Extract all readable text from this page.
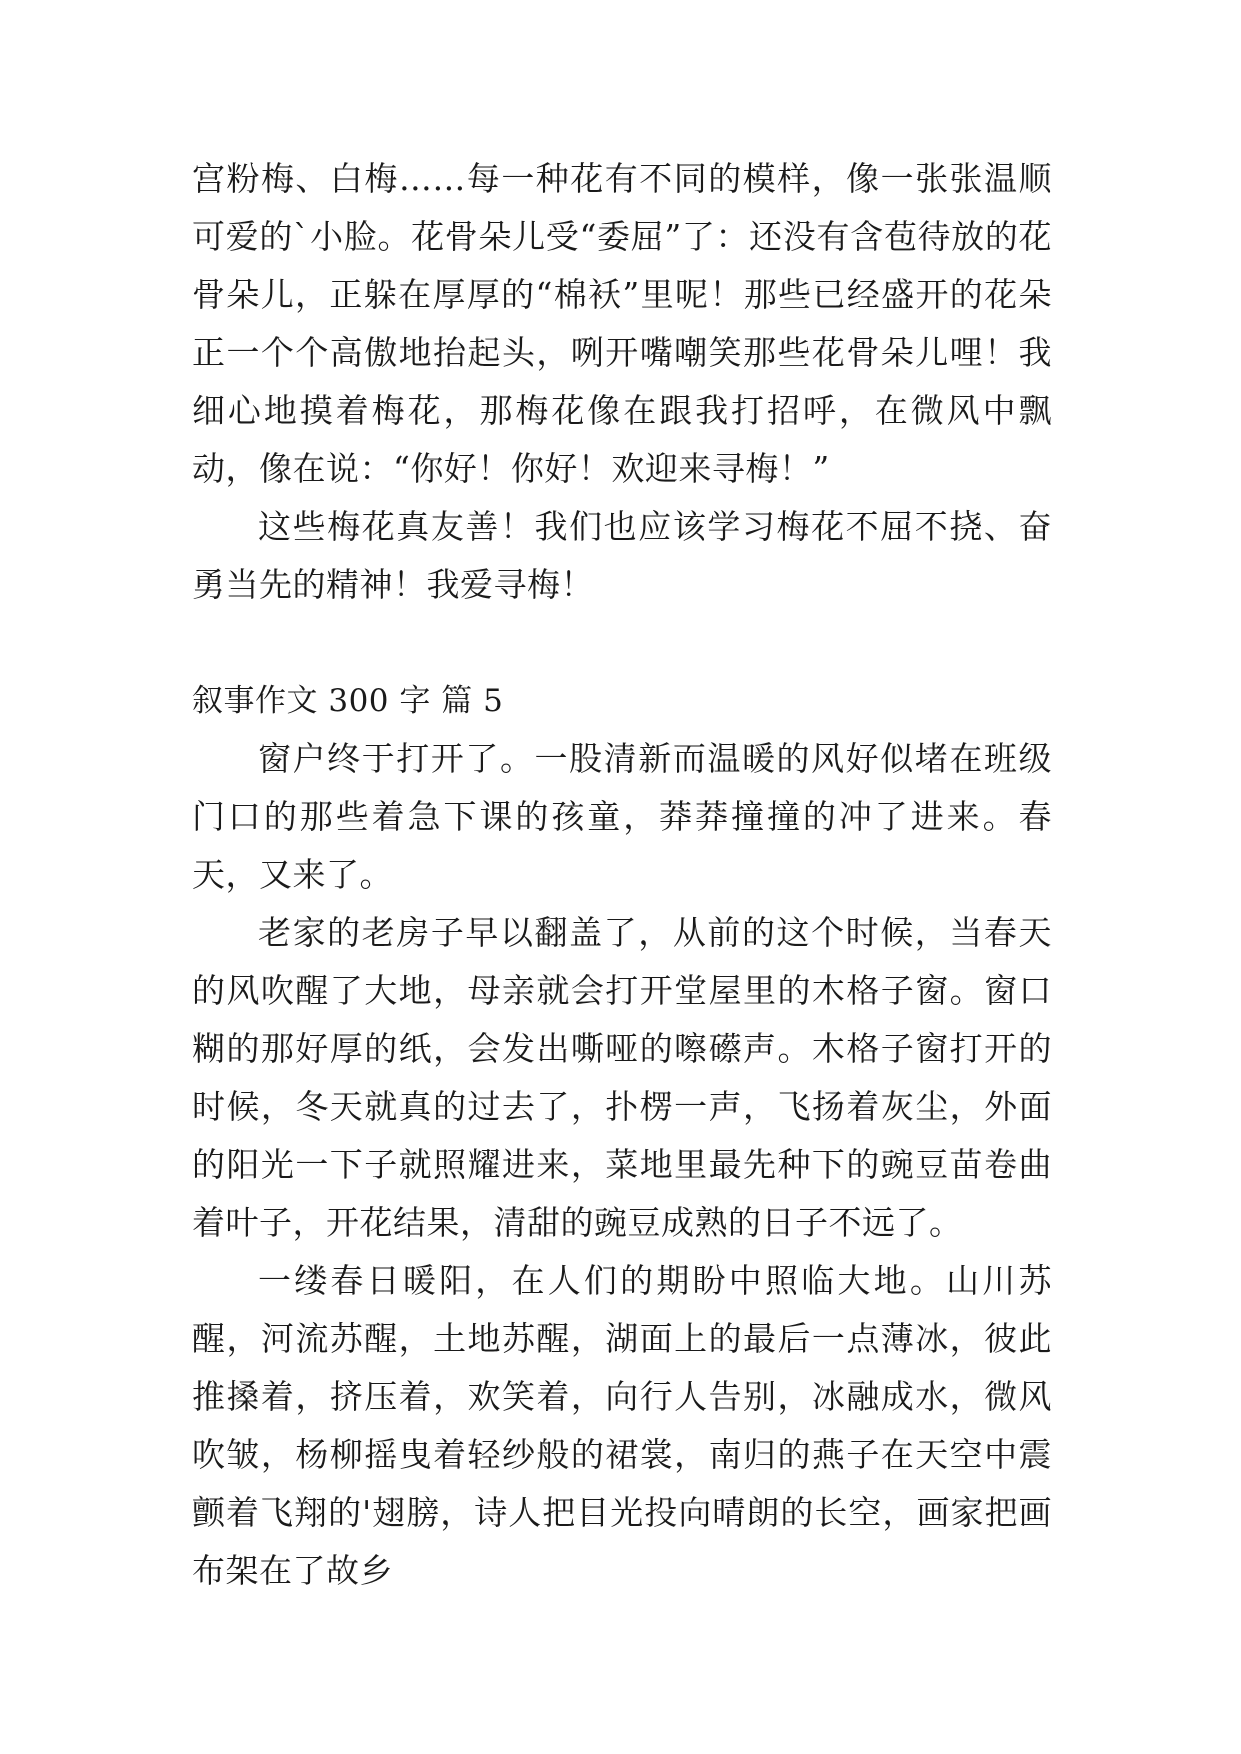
宫粉梅、白梅……每一种花有不同的模样，像一张张温顺可爱的`小脸。花骨朵儿受“委屈”了：还没有含苞待放的花骨朵儿，正躲在厚厚的“棉袄”里呢！那些已经盛开的花朵正一个个高傲地抬起头，咧开嘴嘲笑那些花骨朵儿哩！我细心地摸着梅花，那梅花像在跟我打招呼，在微风中飘动，像在说：“你好！你好！欢迎来寻梅！”

这些梅花真友善！我们也应该学习梅花不屈不挠、奋勇当先的精神！我爱寻梅！

叙事作文 300 字 篇 5

窗户终于打开了。一股清新而温暖的风好似堵在班级门口的那些着急下课的孩童，莽莽撞撞的冲了进来。春天，又来了。

老家的老房子早以翻盖了，从前的这个时候，当春天的风吹醒了大地，母亲就会打开堂屋里的木格子窗。窗口糊的那好厚的纸，会发出嘶哑的嚓礤声。木格子窗打开的时候，冬天就真的过去了，扑楞一声，飞扬着灰尘，外面的阳光一下子就照耀进来，菜地里最先种下的豌豆苗卷曲着叶子，开花结果，清甜的豌豆成熟的日子不远了。

一缕春日暖阳，在人们的期盼中照临大地。山川苏醒，河流苏醒，土地苏醒，湖面上的最后一点薄冰，彼此推搡着，挤压着，欢笑着，向行人告别，冰融成水，微风吹皱，杨柳摇曳着轻纱般的裙裳，南归的燕子在天空中震颤着飞翔的'翅膀，诗人把目光投向晴朗的长空，画家把画布架在了故乡
